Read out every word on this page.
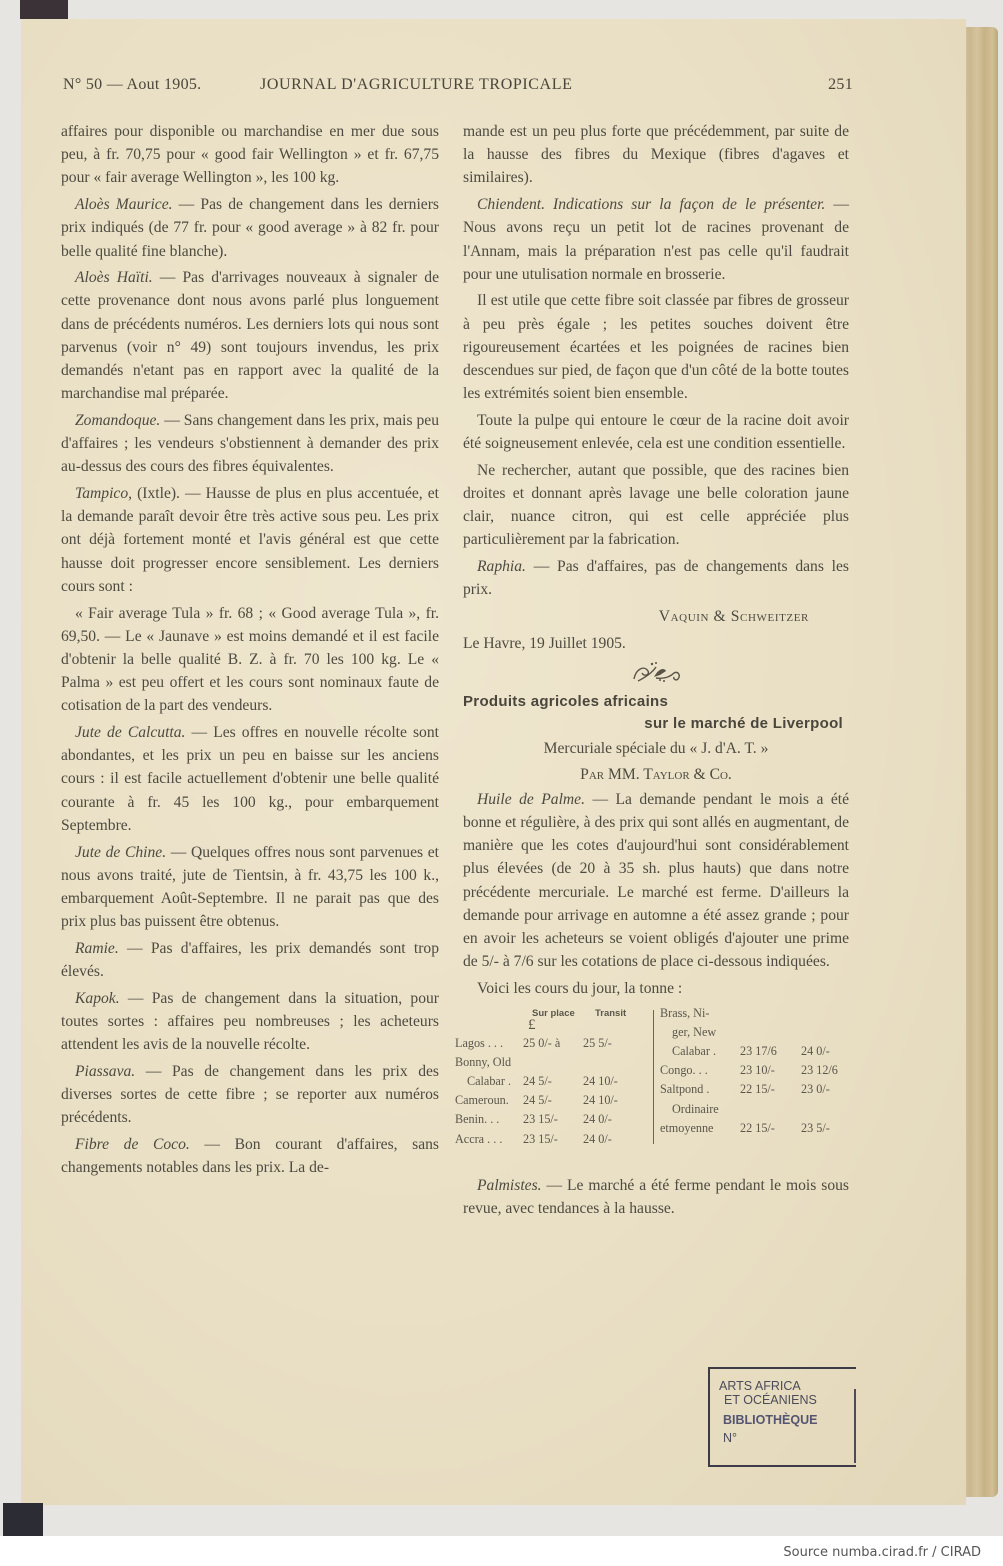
N° 50 — Aout 1905.	JOURNAL D'AGRICULTURE TROPICALE	251

affaires pour disponible ou marchandise en mer due sous peu, à fr. 70,75 pour « good fair Wellington » et fr. 67,75 pour « fair average Wellington », les 100 kg.

Aloès Maurice. — Pas de changement dans les derniers prix indiqués (de 77 fr. pour « good average » à 82 fr. pour belle qualité fine blanche).

Aloès Haïti. — Pas d'arrivages nouveaux à signaler de cette provenance dont nous avons parlé plus longuement dans de précédents numéros. Les derniers lots qui nous sont parvenus (voir n° 49) sont toujours invendus, les prix demandés n'etant pas en rapport avec la qualité de la marchandise mal préparée.

Zomandoque. — Sans changement dans les prix, mais peu d'affaires ; les vendeurs s'obstiennent à demander des prix au-dessus des cours des fibres équivalentes.

Tampico, (Ixtle). — Hausse de plus en plus accentuée, et la demande paraît devoir être très active sous peu. Les prix ont déjà fortement monté et l'avis général est que cette hausse doit progresser encore sensiblement. Les derniers cours sont :

« Fair average Tula » fr. 68 ; « Good average Tula », fr. 69,50. — Le « Jaunave » est moins demandé et il est facile d'obtenir la belle qualité B. Z. à fr. 70 les 100 kg. Le « Palma » est peu offert et les cours sont nominaux faute de cotisation de la part des vendeurs.

Jute de Calcutta. — Les offres en nouvelle récolte sont abondantes, et les prix un peu en baisse sur les anciens cours : il est facile actuellement d'obtenir une belle qualité courante à fr. 45 les 100 kg., pour embarquement Septembre.

Jute de Chine. — Quelques offres nous sont parvenues et nous avons traité, jute de Tientsin, à fr. 43,75 les 100 k., embarquement Août-Septembre. Il ne parait pas que des prix plus bas puissent être obtenus.

Ramie. — Pas d'affaires, les prix demandés sont trop élevés.

Kapok. — Pas de changement dans la situation, pour toutes sortes : affaires peu nombreuses ; les acheteurs attendent les avis de la nouvelle récolte.

Piassava. — Pas de changement dans les prix des diverses sortes de cette fibre ; se reporter aux numéros précédents.

Fibre de Coco. — Bon courant d'affaires, sans changements notables dans les prix. La de-

mande est un peu plus forte que précédemment, par suite de la hausse des fibres du Mexique (fibres d'agaves et similaires).

Chiendent. Indications sur la façon de le présenter. — Nous avons reçu un petit lot de racines provenant de l'Annam, mais la préparation n'est pas celle qu'il faudrait pour une utulisation normale en brosserie.

Il est utile que cette fibre soit classée par fibres de grosseur à peu près égale ; les petites souches doivent être rigoureusement écartées et les poignées de racines bien descendues sur pied, de façon que d'un côté de la botte toutes les extrémités soient bien ensemble.

Toute la pulpe qui entoure le cœur de la racine doit avoir été soigneusement enlevée, cela est une condition essentielle.

Ne rechercher, autant que possible, que des racines bien droites et donnant après lavage une belle coloration jaune clair, nuance citron, qui est celle appréciée plus particulièrement par la fabrication.

Raphia. — Pas d'affaires, pas de changements dans les prix.

Vaquin & Schweitzer

Le Havre, 19 Juillet 1905.

Produits agricoles africains
sur le marché de Liverpool

Mercuriale spéciale du « J. d'A. T. »

Par MM. Taylor & Co.

Huile de Palme. — La demande pendant le mois a été bonne et régulière, à des prix qui sont allés en augmentant, de manière que les cotes d'aujourd'hui sont considérablement plus élevées (de 20 à 35 sh. plus hauts) que dans notre précédente mercuriale. Le marché est ferme. D'ailleurs la demande pour arrivage en automne a été assez grande ; pour en avoir les acheteurs se voient obligés d'ajouter une prime de 5/- à 7/6 sur les cotations de place ci-dessous indiquées.

Voici les cours du jour, la tonne :

Sur place Transit
£
Lagos . . . 25 0/- à 25 5/-
Bonny, Old
Calabar . 24 5/-	24 10/-
Cameroun. 24 5/-	24 10/-
Benin. . . 23 15/- 24 0/-
Accra . . . 23 15/- 24 0/-
Brass, Ni-
ger, New
Calabar . 23 17/6 24 0/-
Congo. . .	23 10/- 23 12/6
Saltpond .	22 15/- 23 0/-
Ordinaire
etmoyenne 22 15/- 23 5/-

Palmistes. — Le marché a été ferme pendant le mois sous revue, avec tendances à la hausse.

ARTS AFRICA
ET OCÉANIENS
BIBLIOTHÈQUE
N°
Source numba.cirad.fr / CIRAD
